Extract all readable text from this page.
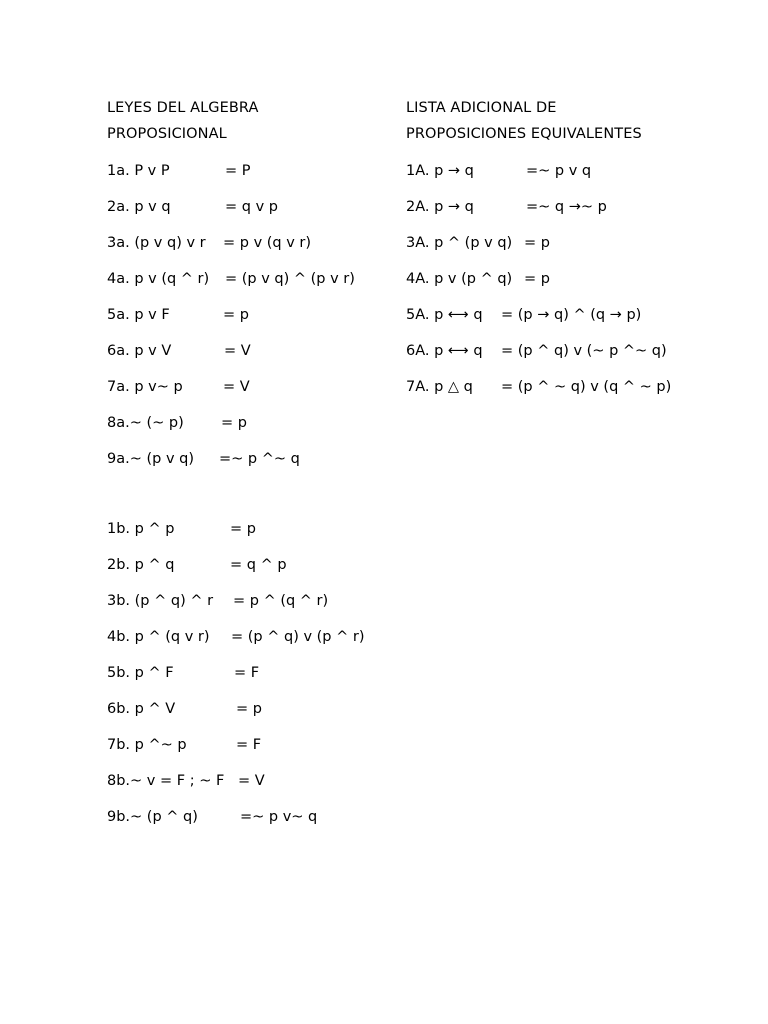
LEYES DEL ALGEBRA
PROPOSICIONAL
1a. P v P	= P
2a. p v q	= q v p
3a. (p v q) v r = p v (q v r)
4a. p v (q ^ r) = (p v q) ^ (p v r)
5a. p v F	= p
6a. p v V	= V
7a. p v~ p	= V
8a.~ (~ p)	= p
9a.~ (p v q) =~ p ^~ q
1b. p ^ p	= p
2b. p ^ q	= q ^ p
3b. (p ^ q) ^ r = p ^ (q ^ r)
4b. p ^ (q v r) = (p ^ q) v (p ^ r)
5b. p ^ F	= F
6b. p ^ V	= p
7b. p ^~ p	= F
8b.~ v = F ; ~ F = V
9b.~ (p ^ q)	=~ p v~ q
LISTA ADICIONAL DE
PROPOSICIONES EQUIVALENTES
1A. p → q	=~ p v q
2A. p → q	=~ q →~ p
3A. p ^ (p v q) = p
4A. p v (p ^ q) = p
5A. p ⟷ q = (p → q) ^ (q → p)
6A. p ⟷ q = (p ^ q) v (~ p ^~ q)
7A. p △ q = (p ^ ~ q) v (q ^ ~ p)
